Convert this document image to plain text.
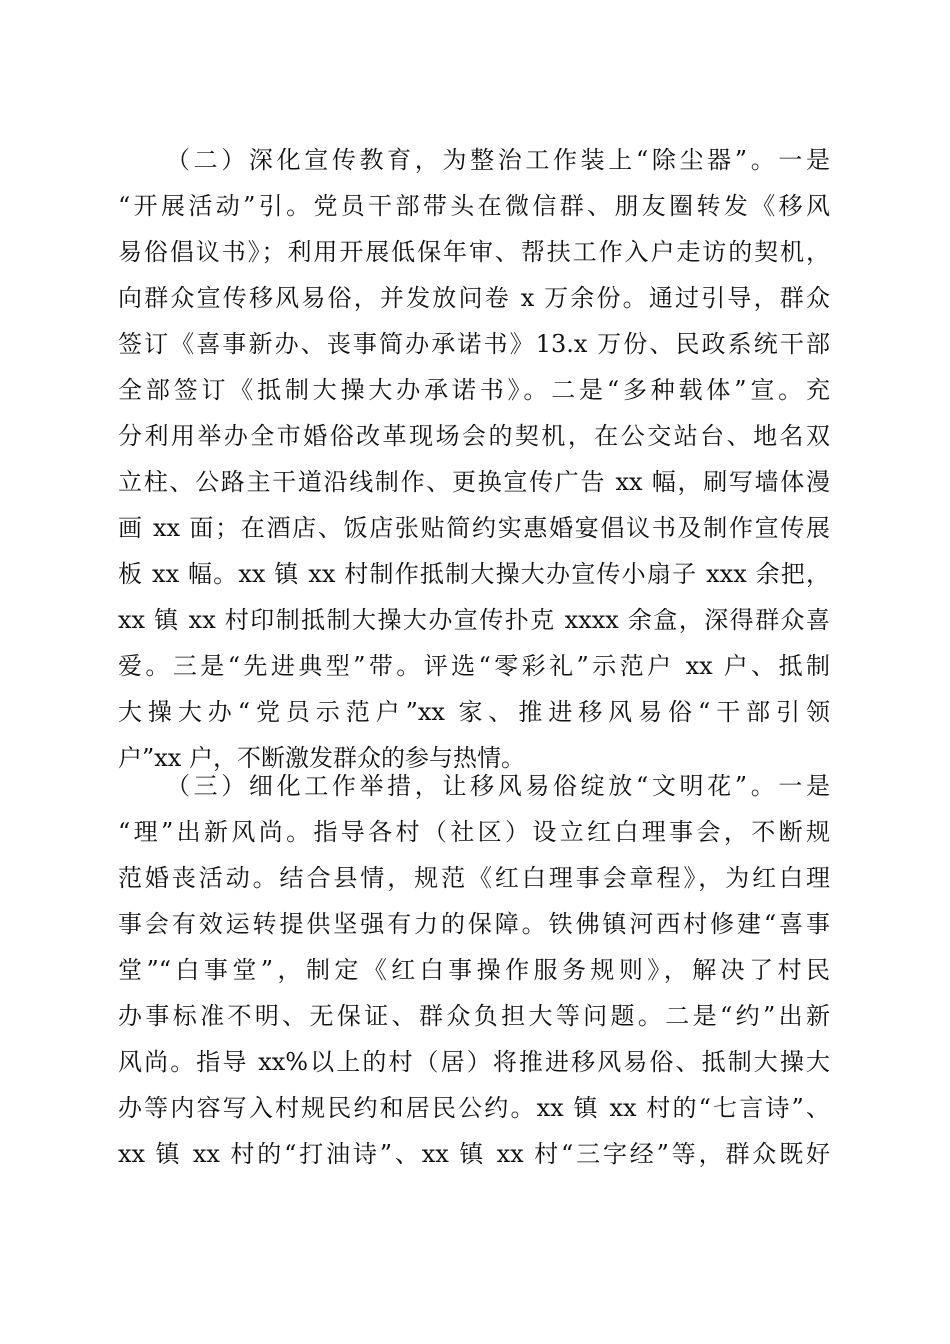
（二）深化宣传教育，为整治工作装上“除尘器”。一是
“开展活动”引。党员干部带头在微信群、朋友圈转发《移风
易俗倡议书》；利用开展低保年审、帮扶工作入户走访的契机，
向群众宣传移风易俗，并发放问卷 x 万余份。通过引导，群众
签订《喜事新办、丧事简办承诺书》13.x 万份、民政系统干部
全部签订《抵制大操大办承诺书》。二是“多种载体”宣。充
分利用举办全市婚俗改革现场会的契机，在公交站台、地名双
立柱、公路主干道沿线制作、更换宣传广告 xx 幅，刷写墙体漫
画 xx 面；在酒店、饭店张贴简约实惠婚宴倡议书及制作宣传展
板 xx 幅。xx 镇 xx 村制作抵制大操大办宣传小扇子 xxx 余把，
xx 镇 xx 村印制抵制大操大办宣传扑克 xxxx 余盒，深得群众喜
爱。三是“先进典型”带。评选“零彩礼”示范户 xx 户、抵制
大操大办“党员示范户”xx 家、推进移风易俗“干部引领
户”xx 户，不断激发群众的参与热情。
（三）细化工作举措，让移风易俗绽放“文明花”。一是
“理”出新风尚。指导各村（社区）设立红白理事会，不断规
范婚丧活动。结合县情，规范《红白理事会章程》，为红白理
事会有效运转提供坚强有力的保障。铁佛镇河西村修建“喜事
堂”“白事堂”，制定《红白事操作服务规则》，解决了村民
办事标准不明、无保证、群众负担大等问题。二是“约”出新
风尚。指导 xx%以上的村（居）将推进移风易俗、抵制大操大
办等内容写入村规民约和居民公约。xx 镇 xx 村的“七言诗”、
xx 镇 xx 村的“打油诗”、xx 镇 xx 村“三字经”等，群众既好
